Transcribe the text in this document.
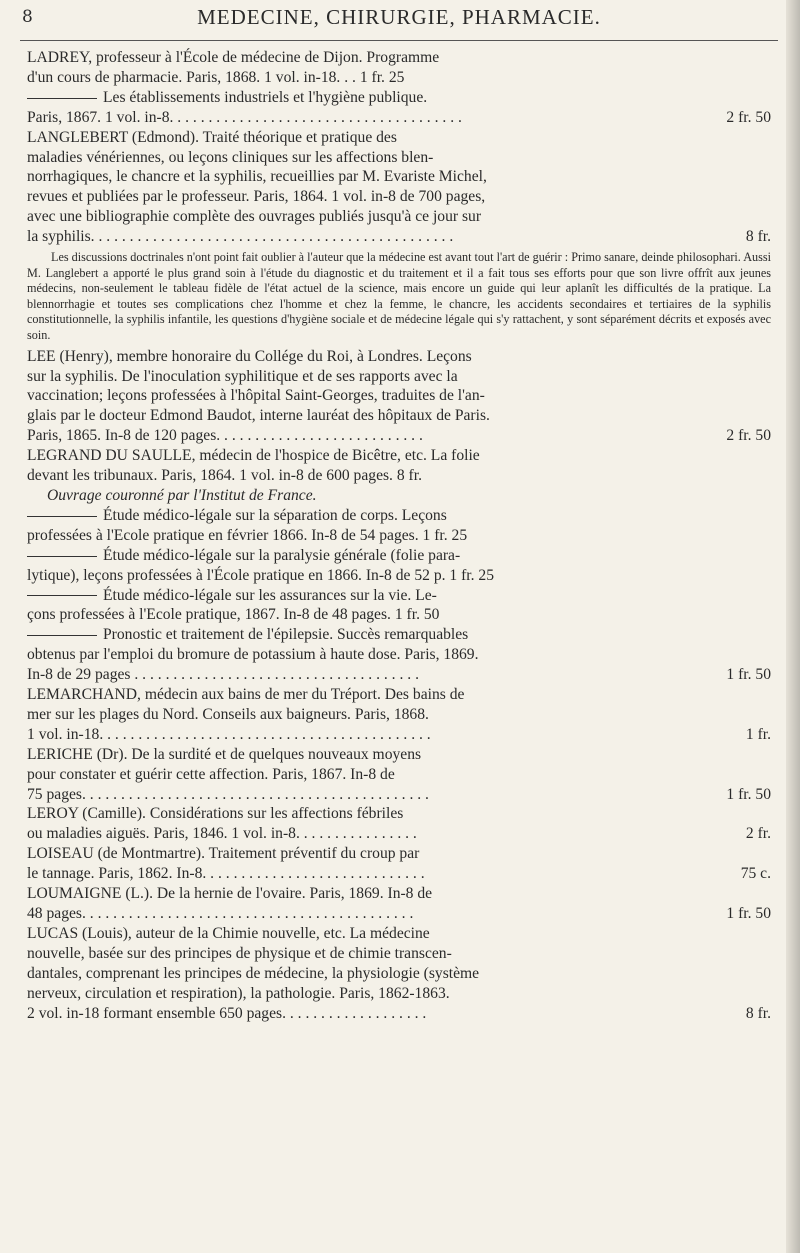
8	MEDECINE, CHIRURGIE, PHARMACIE.
LADREY, professeur à l'École de médecine de Dijon. Programme
d'un cours de pharmacie. Paris, 1868. 1 vol. in-18. . . 1 fr. 25
Les établissements industriels et l'hygiène publique.
Paris, 1867. 1 vol. in-8. . . . . . . . . . . . . . . . . . . . . . . . . . . . . . . . . . . . . .	2 fr. 50
LANGLEBERT (Edmond). Traité théorique et pratique des
maladies vénériennes, ou leçons cliniques sur les affections blen-
norrhagiques, le chancre et la syphilis, recueillies par M. Evariste Michel,
revues et publiées par le professeur. Paris, 1864. 1 vol. in-8 de 700 pages,
avec une bibliographie complète des ouvrages publiés jusqu'à ce jour sur
la syphilis. . . . . . . . . . . . . . . . . . . . . . . . . . . . . . . . . . . . . . . . . . . . . . .	8 fr.

Les discussions doctrinales n'ont point fait oublier à l'auteur que la médecine est avant tout l'art de guérir : Primo sanare, deinde philosophari. Aussi M. Langlebert a apporté le plus grand soin à l'étude du diagnostic et du traitement et il a fait tous ses efforts pour que son livre offrît aux jeunes médecins, non-seulement le tableau fidèle de l'état actuel de la science, mais encore un guide qui leur aplanît les difficultés de la pratique. La blennorrhagie et toutes ses complications chez l'homme et chez la femme, le chancre, les accidents secondaires et tertiaires de la syphilis constitutionnelle, la syphilis infantile, les questions d'hygiène sociale et de médecine légale qui s'y rattachent, y sont séparément décrits et exposés avec soin.

LEE (Henry), membre honoraire du Collége du Roi, à Londres. Leçons
sur la syphilis. De l'inoculation syphilitique et de ses rapports avec la
vaccination; leçons professées à l'hôpital Saint-Georges, traduites de l'an-
glais par le docteur Edmond Baudot, interne lauréat des hôpitaux de Paris.
Paris, 1865. In-8 de 120 pages. . . . . . . . . . . . . . . . . . . . . . . . . . .	2 fr. 50
LEGRAND DU SAULLE, médecin de l'hospice de Bicêtre, etc. La folie
devant les tribunaux. Paris, 1864. 1 vol. in-8 de 600 pages. 8 fr.
Ouvrage couronné par l'Institut de France.
Étude médico-légale sur la séparation de corps. Leçons
professées à l'Ecole pratique en février 1866. In-8 de 54 pages. 1 fr. 25
Étude médico-légale sur la paralysie générale (folie para-
lytique), leçons professées à l'École pratique en 1866. In-8 de 52 p. 1 fr. 25
Étude médico-légale sur les assurances sur la vie. Le-
çons professées à l'Ecole pratique, 1867. In-8 de 48 pages. 1 fr. 50
Pronostic et traitement de l'épilepsie. Succès remarquables
obtenus par l'emploi du bromure de potassium à haute dose. Paris, 1869.
In-8 de 29 pages . . . . . . . . . . . . . . . . . . . . . . . . . . . . . . . . . . . . .	1 fr. 50
LEMARCHAND, médecin aux bains de mer du Tréport. Des bains de
mer sur les plages du Nord. Conseils aux baigneurs. Paris, 1868.
1 vol. in-18. . . . . . . . . . . . . . . . . . . . . . . . . . . . . . . . . . . . . . . . . . .	1 fr.
LERICHE (Dr). De la surdité et de quelques nouveaux moyens
pour constater et guérir cette affection. Paris, 1867. In-8 de
75 pages. . . . . . . . . . . . . . . . . . . . . . . . . . . . . . . . . . . . . . . . . . . . .	1 fr. 50
LEROY (Camille). Considérations sur les affections fébriles
ou maladies aiguës. Paris, 1846. 1 vol. in-8. . . . . . . . . . . . . . . .	2 fr.
LOISEAU (de Montmartre). Traitement préventif du croup par
le tannage. Paris, 1862. In-8. . . . . . . . . . . . . . . . . . . . . . . . . . . . .	75 c.
LOUMAIGNE (L.). De la hernie de l'ovaire. Paris, 1869. In-8 de
48 pages. . . . . . . . . . . . . . . . . . . . . . . . . . . . . . . . . . . . . . . . . . .	1 fr. 50
LUCAS (Louis), auteur de la Chimie nouvelle, etc. La médecine
nouvelle, basée sur des principes de physique et de chimie transcen-
dantales, comprenant les principes de médecine, la physiologie (système
nerveux, circulation et respiration), la pathologie. Paris, 1862-1863.
2 vol. in-18 formant ensemble 650 pages. . . . . . . . . . . . . . . . . . .	8 fr.
